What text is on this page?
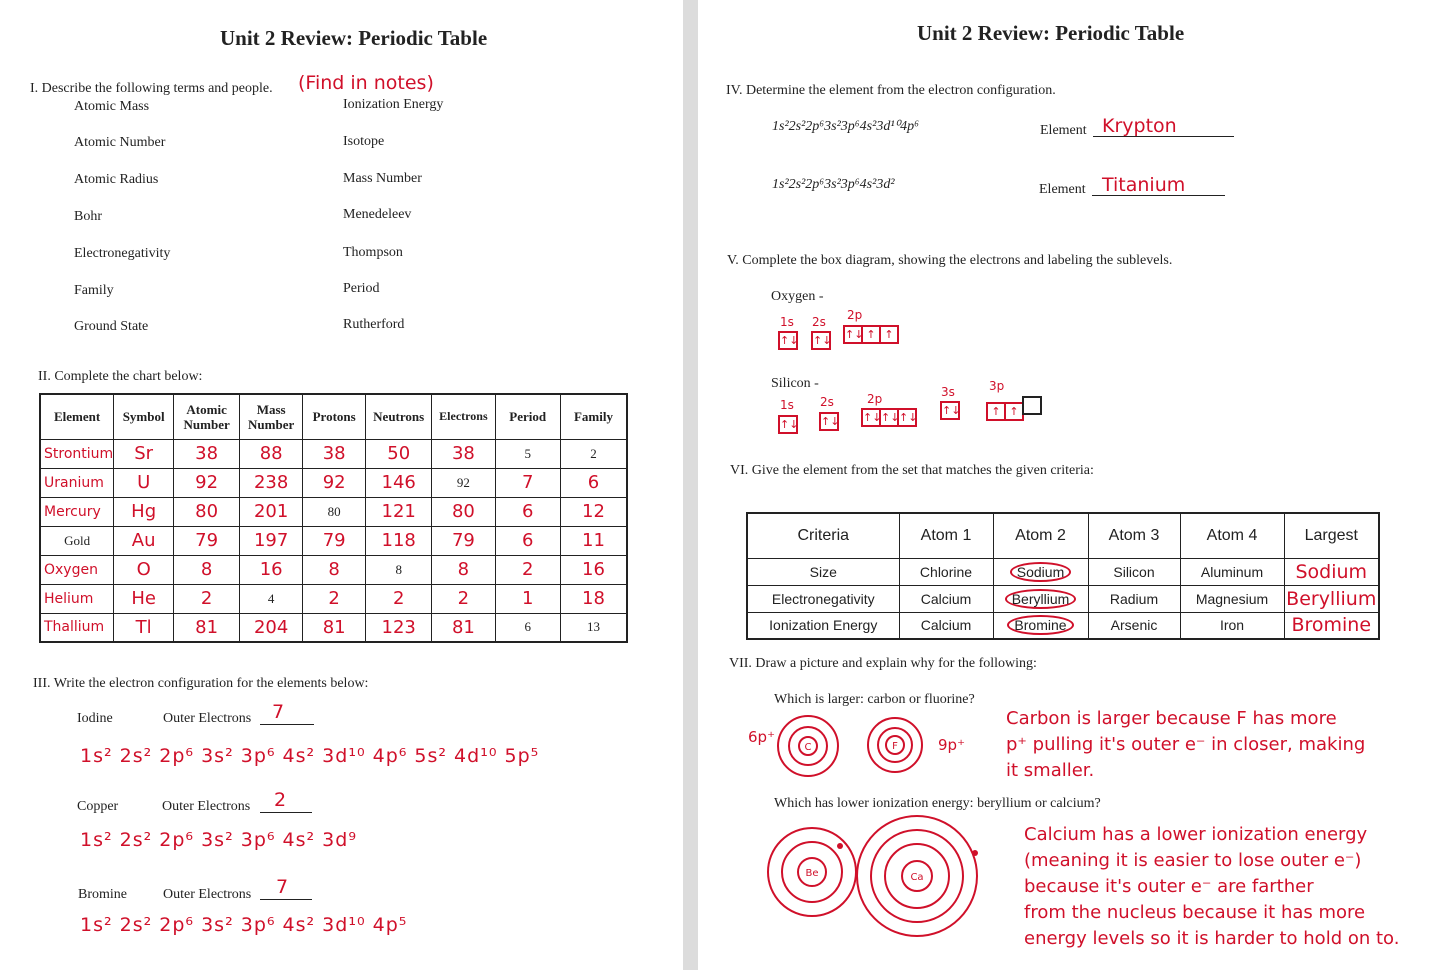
Unit 2 Review: Periodic Table
I. Describe the following terms and people. (Find in notes)
Atomic Mass
Atomic Number
Atomic Radius
Bohr
Electronegativity
Family
Ground State
Ionization Energy
Isotope
Mass Number
Menedeleev
Thompson
Period
Rutherford
II. Complete the chart below:
Element	Symbol	Atomic Number	Mass Number	Protons	Neutrons	Electrons	Period	Family
Strontium	Sr	38	88	38	50	38	5	2
Uranium	U	92	238	92	146	92	7	6
Mercury	Hg	80	201	80	121	80	6	12
Gold	Au	79	197	79	118	79	6	11
Oxygen	O	8	16	8	8	8	2	16
Helium	He	2	4	2	2	2	1	18
Thallium	Tl	81	204	81	123	81	6	13
III. Write the electron configuration for the elements below:
Iodine	Outer Electrons 7
1s² 2s² 2p⁶ 3s² 3p⁶ 4s² 3d¹⁰ 4p⁶ 5s² 4d¹⁰ 5p⁵
Copper	Outer Electrons 2
1s² 2s² 2p⁶ 3s² 3p⁶ 4s² 3d⁹
Bromine	Outer Electrons 7
1s² 2s² 2p⁶ 3s² 3p⁶ 4s² 3d¹⁰ 4p⁵
Unit 2 Review: Periodic Table
IV. Determine the element from the electron configuration.
1s²2s²2p⁶3s²3p⁶4s²3d¹⁰4p⁶	Element Krypton
1s²2s²2p⁶3s²3p⁶4s²3d²	Element Titanium
V. Complete the box diagram, showing the electrons and labeling the sublevels.
Oxygen -
1s
↑↓
2s
↑↓
2p
↑↓ ↑ ↑
Silicon -
1s
↑↓
2s
↑↓
2p
↑↓↑↓↑↓
3s
↑↓
3p
↑ ↑
VI. Give the element from the set that matches the given criteria:
VII. Draw a picture and explain why for the following:
Which is larger: carbon or fluorine?
C	F
6p⁺	9p⁺
Carbon is larger because F has more
p⁺ pulling it's outer e⁻ in closer, making
it smaller.
Which has lower ionization energy: beryllium or calcium?
Be	Ca
Calcium has a lower ionization energy
(meaning it is easier to lose outer e⁻)
because it's outer e⁻ are farther
from the nucleus because it has more
energy levels so it is harder to hold on to.
Criteria	Atom 1	Atom 2	Atom 3	Atom 4	Largest
Size	Chlorine	Sodium	Silicon	Aluminum	Sodium
Electronegativity	Calcium	Beryllium	Radium	Magnesium	Beryllium
Ionization Energy	Calcium	Bromine	Arsenic	Iron	Bromine
